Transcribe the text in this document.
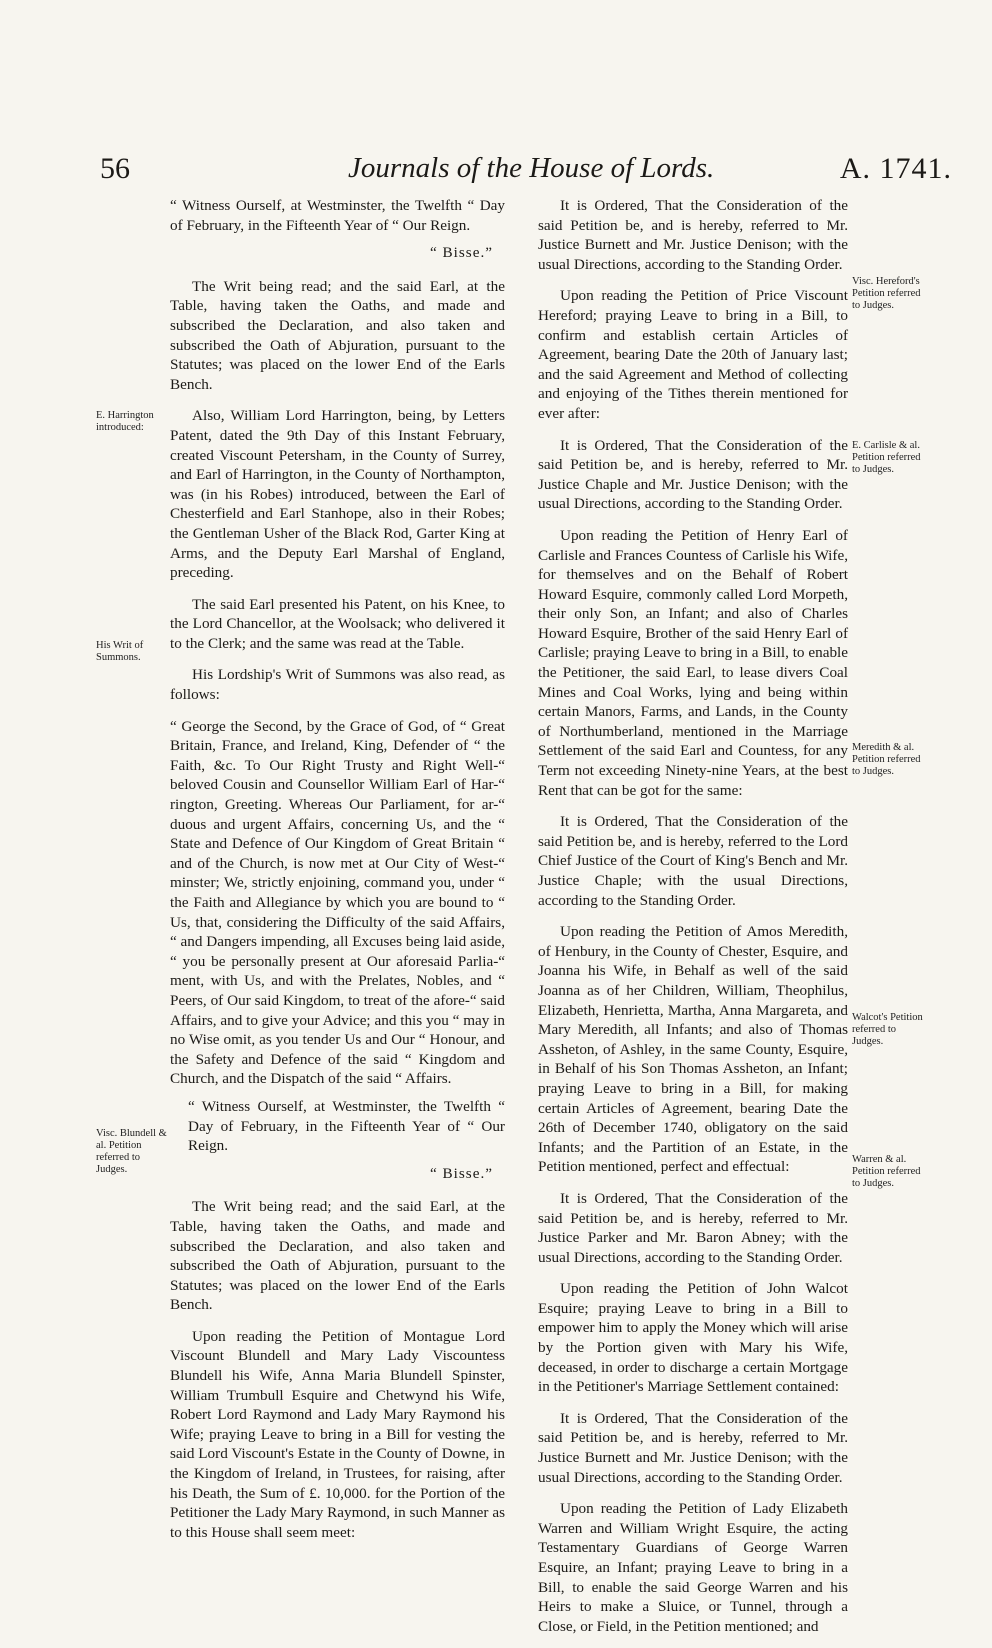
56	Journals of the House of Lords.	A. 1741.

“ Witness Ourself, at Westminster, the Twelfth “ Day of February, in the Fifteenth Year of “ Our Reign.

“ Bisse.”

The Writ being read; and the said Earl, at the Table, having taken the Oaths, and made and subscribed the Declaration, and also taken and subscribed the Oath of Abjuration, pursuant to the Statutes; was placed on the lower End of the Earls Bench.

Also, William Lord Harrington, being, by Letters Patent, dated the 9th Day of this Instant February, created Viscount Petersham, in the County of Surrey, and Earl of Harrington, in the County of Northampton, was (in his Robes) introduced, between the Earl of Chesterfield and Earl Stanhope, also in their Robes; the Gentleman Usher of the Black Rod, Garter King at Arms, and the Deputy Earl Marshal of England, preceding.

The said Earl presented his Patent, on his Knee, to the Lord Chancellor, at the Woolsack; who delivered it to the Clerk; and the same was read at the Table.

His Lordship's Writ of Summons was also read, as follows:

“ George the Second, by the Grace of God, of “ Great Britain, France, and Ireland, King, Defender of “ the Faith, &c. To Our Right Trusty and Right Well-“ beloved Cousin and Counsellor William Earl of Har-“ rington, Greeting. Whereas Our Parliament, for ar-“ duous and urgent Affairs, concerning Us, and the “ State and Defence of Our Kingdom of Great Britain “ and of the Church, is now met at Our City of West-“ minster; We, strictly enjoining, command you, under “ the Faith and Allegiance by which you are bound to “ Us, that, considering the Difficulty of the said Affairs, “ and Dangers impending, all Excuses being laid aside, “ you be personally present at Our aforesaid Parlia-“ ment, with Us, and with the Prelates, Nobles, and “ Peers, of Our said Kingdom, to treat of the afore-“ said Affairs, and to give your Advice; and this you “ may in no Wise omit, as you tender Us and Our “ Honour, and the Safety and Defence of the said “ Kingdom and Church, and the Dispatch of the said “ Affairs.

“ Witness Ourself, at Westminster, the Twelfth “ Day of February, in the Fifteenth Year of “ Our Reign.

“ Bisse.”

The Writ being read; and the said Earl, at the Table, having taken the Oaths, and made and subscribed the Declaration, and also taken and subscribed the Oath of Abjuration, pursuant to the Statutes; was placed on the lower End of the Earls Bench.

Upon reading the Petition of Montague Lord Viscount Blundell and Mary Lady Viscountess Blundell his Wife, Anna Maria Blundell Spinster, William Trumbull Esquire and Chetwynd his Wife, Robert Lord Raymond and Lady Mary Raymond his Wife; praying Leave to bring in a Bill for vesting the said Lord Viscount's Estate in the County of Downe, in the Kingdom of Ireland, in Trustees, for raising, after his Death, the Sum of £. 10,000. for the Portion of the Petitioner the Lady Mary Raymond, in such Manner as to this House shall seem meet:

It is Ordered, That the Consideration of the said Petition be, and is hereby, referred to Mr. Justice Burnett and Mr. Justice Denison; with the usual Directions, according to the Standing Order.

Upon reading the Petition of Price Viscount Hereford; praying Leave to bring in a Bill, to confirm and establish certain Articles of Agreement, bearing Date the 20th of January last; and the said Agreement and Method of collecting and enjoying of the Tithes therein mentioned for ever after:

It is Ordered, That the Consideration of the said Petition be, and is hereby, referred to Mr. Justice Chaple and Mr. Justice Denison; with the usual Directions, according to the Standing Order.

Upon reading the Petition of Henry Earl of Carlisle and Frances Countess of Carlisle his Wife, for themselves and on the Behalf of Robert Howard Esquire, commonly called Lord Morpeth, their only Son, an Infant; and also of Charles Howard Esquire, Brother of the said Henry Earl of Carlisle; praying Leave to bring in a Bill, to enable the Petitioner, the said Earl, to lease divers Coal Mines and Coal Works, lying and being within certain Manors, Farms, and Lands, in the County of Northumberland, mentioned in the Marriage Settlement of the said Earl and Countess, for any Term not exceeding Ninety-nine Years, at the best Rent that can be got for the same:

It is Ordered, That the Consideration of the said Petition be, and is hereby, referred to the Lord Chief Justice of the Court of King's Bench and Mr. Justice Chaple; with the usual Directions, according to the Standing Order.

Upon reading the Petition of Amos Meredith, of Henbury, in the County of Chester, Esquire, and Joanna his Wife, in Behalf as well of the said Joanna as of her Children, William, Theophilus, Elizabeth, Henrietta, Martha, Anna Margareta, and Mary Meredith, all Infants; and also of Thomas Assheton, of Ashley, in the same County, Esquire, in Behalf of his Son Thomas Assheton, an Infant; praying Leave to bring in a Bill, for making certain Articles of Agreement, bearing Date the 26th of December 1740, obligatory on the said Infants; and the Partition of an Estate, in the Petition mentioned, perfect and effectual:

It is Ordered, That the Consideration of the said Petition be, and is hereby, referred to Mr. Justice Parker and Mr. Baron Abney; with the usual Directions, according to the Standing Order.

Upon reading the Petition of John Walcot Esquire; praying Leave to bring in a Bill to empower him to apply the Money which will arise by the Portion given with Mary his Wife, deceased, in order to discharge a certain Mortgage in the Petitioner's Marriage Settlement contained:

It is Ordered, That the Consideration of the said Petition be, and is hereby, referred to Mr. Justice Burnett and Mr. Justice Denison; with the usual Directions, according to the Standing Order.

Upon reading the Petition of Lady Elizabeth Warren and William Wright Esquire, the acting Testamentary Guardians of George Warren Esquire, an Infant; praying Leave to bring in a Bill, to enable the said George Warren and his Heirs to make a Sluice, or Tunnel, through a Close, or Field, in the Petition mentioned; and

E. Harrington introduced:
His Writ of Summons.
Visc. Blundell & al. Petition referred to Judges.
Visc. Hereford's Petition referred to Judges.
E. Carlisle & al. Petition referred to Judges.
Meredith & al. Petition referred to Judges.
Walcot's Petition referred to Judges.
Warren & al. Petition referred to Judges.
